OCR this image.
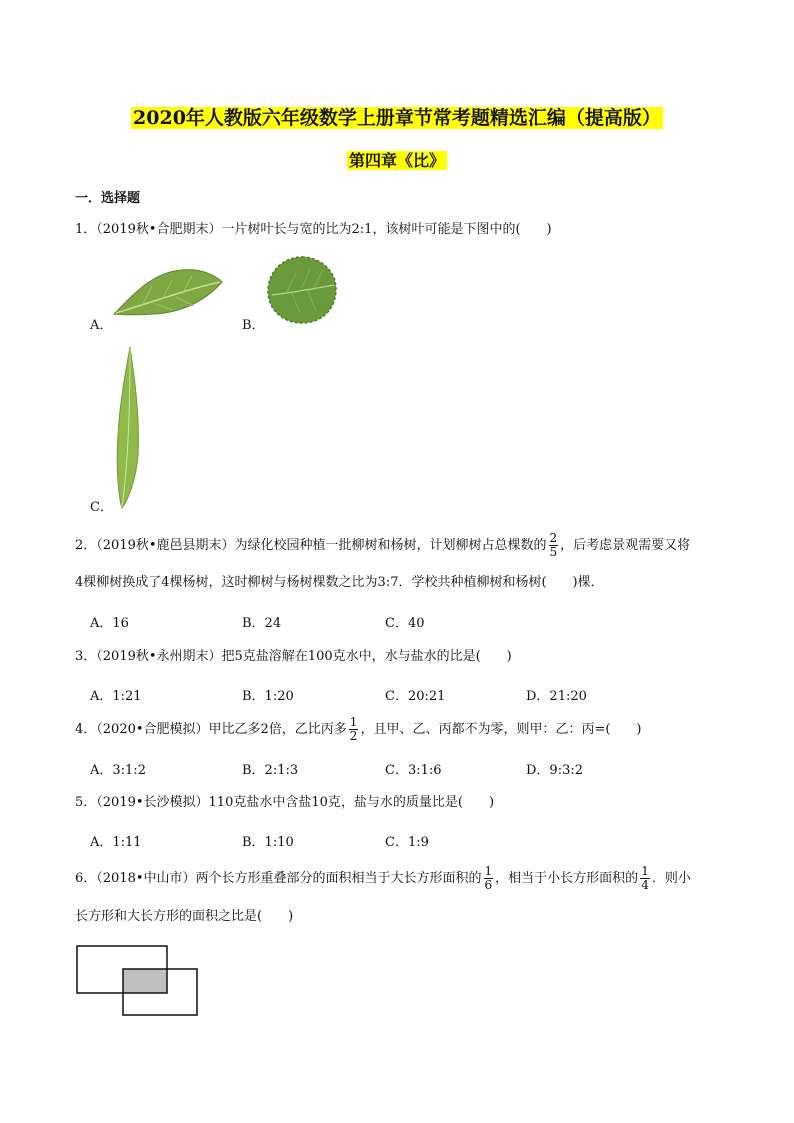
2020年人教版六年级数学上册章节常考题精选汇编（提高版）
第四章《比》
一．选择题
1．（2019秋•合肥期末）一片树叶长与宽的比为2:1，该树叶可能是下图中的(　　)
A．	B．
C．
2．（2019秋•鹿邑县期末）为绿化校园种植一批柳树和杨树，计划柳树占总棵数的 $\frac{2}{5}$ ，后考虑景观需要又将
4棵柳树换成了4棵杨树，这时柳树与杨树棵数之比为3:7．学校共种植柳树和杨树(　　)棵．
A．16	B．24	C．40
3．（2019秋•永州期末）把5克盐溶解在100克水中，水与盐水的比是(　　)
A．1:21	B．1:20	C．20:21	D．21:20
4．（2020•合肥模拟）甲比乙多2倍，乙比丙多 $\frac{1}{2}$ ，且甲、乙、丙都不为零，则甲：乙：丙=(　　)
A．3:1:2	B．2:1:3	C．3:1:6	D．9:3:2
5．（2019•长沙模拟）110克盐水中含盐10克，盐与水的质量比是(　　)
A．1:11	B．1:10	C．1:9
6．（2018•中山市）两个长方形重叠部分的面积相当于大长方形面积的 $\frac{1}{6}$ ，相当于小长方形面积的 $\frac{1}{4}$ ．则小
长方形和大长方形的面积之比是(　　)
